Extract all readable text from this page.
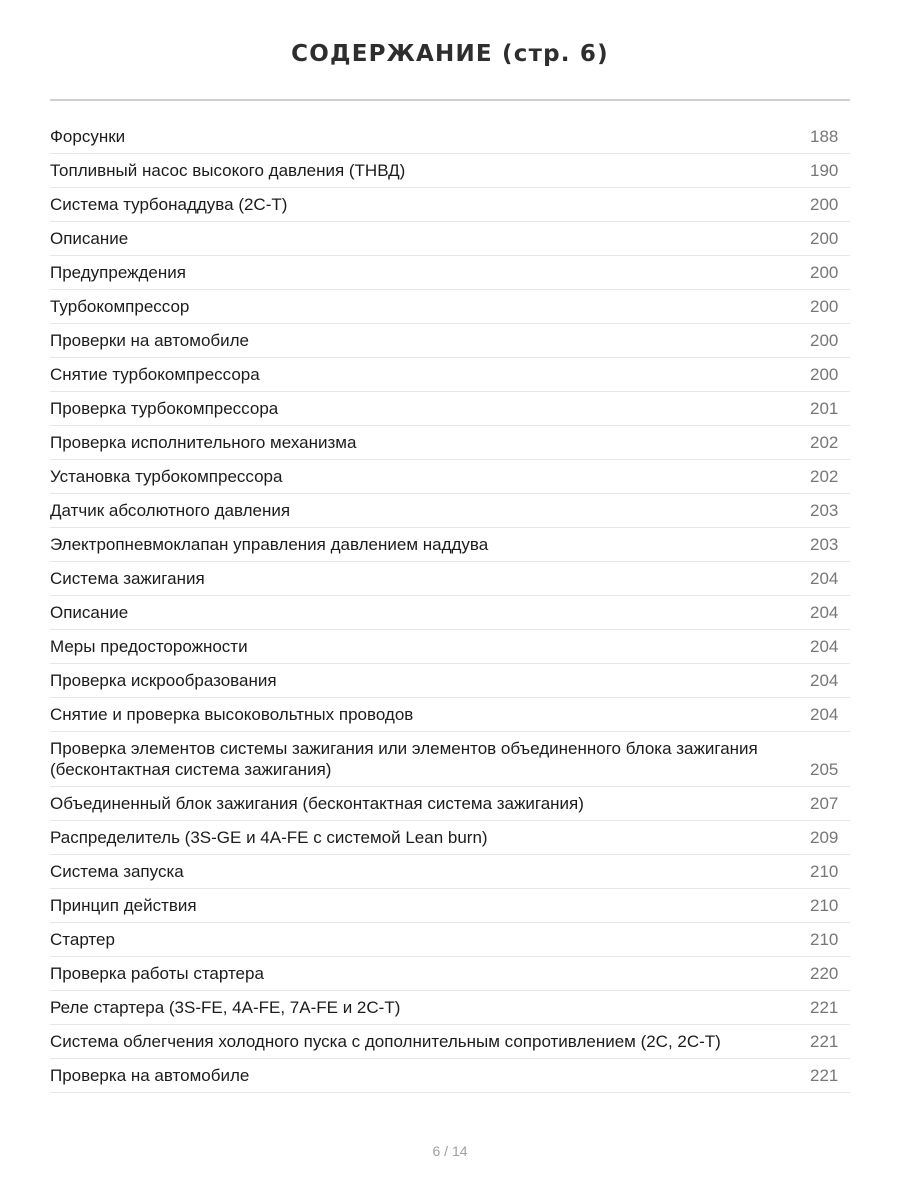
СОДЕРЖАНИЕ (стр. 6)
Форсунки	188
Топливный насос высокого давления (ТНВД)	190
Система турбонаддува (2С-Т)	200
Описание	200
Предупреждения	200
Турбокомпрессор	200
Проверки на автомобиле	200
Снятие турбокомпрессора	200
Проверка турбокомпрессора	201
Проверка исполнительного механизма	202
Установка турбокомпрессора	202
Датчик абсолютного давления	203
Электропневмоклапан управления давлением наддува	203
Система зажигания	204
Описание	204
Меры предосторожности	204
Проверка искрообразования	204
Снятие и проверка высоковольтных проводов	204
Проверка элементов системы зажигания или элементов объединенного блока зажигания (бесконтактная система зажигания)	205
Объединенный блок зажигания (бесконтактная система зажигания)	207
Распределитель (3S-GE и 4A-FE с системой Lean burn)	209
Система запуска	210
Принцип действия	210
Стартер	210
Проверка работы стартера	220
Реле стартера (3S-FE, 4A-FE, 7A-FE и 2С-Т)	221
Система облегчения холодного пуска с дополнительным сопротивлением (2С, 2С-Т)	221
Проверка на автомобиле	221
6 / 14
